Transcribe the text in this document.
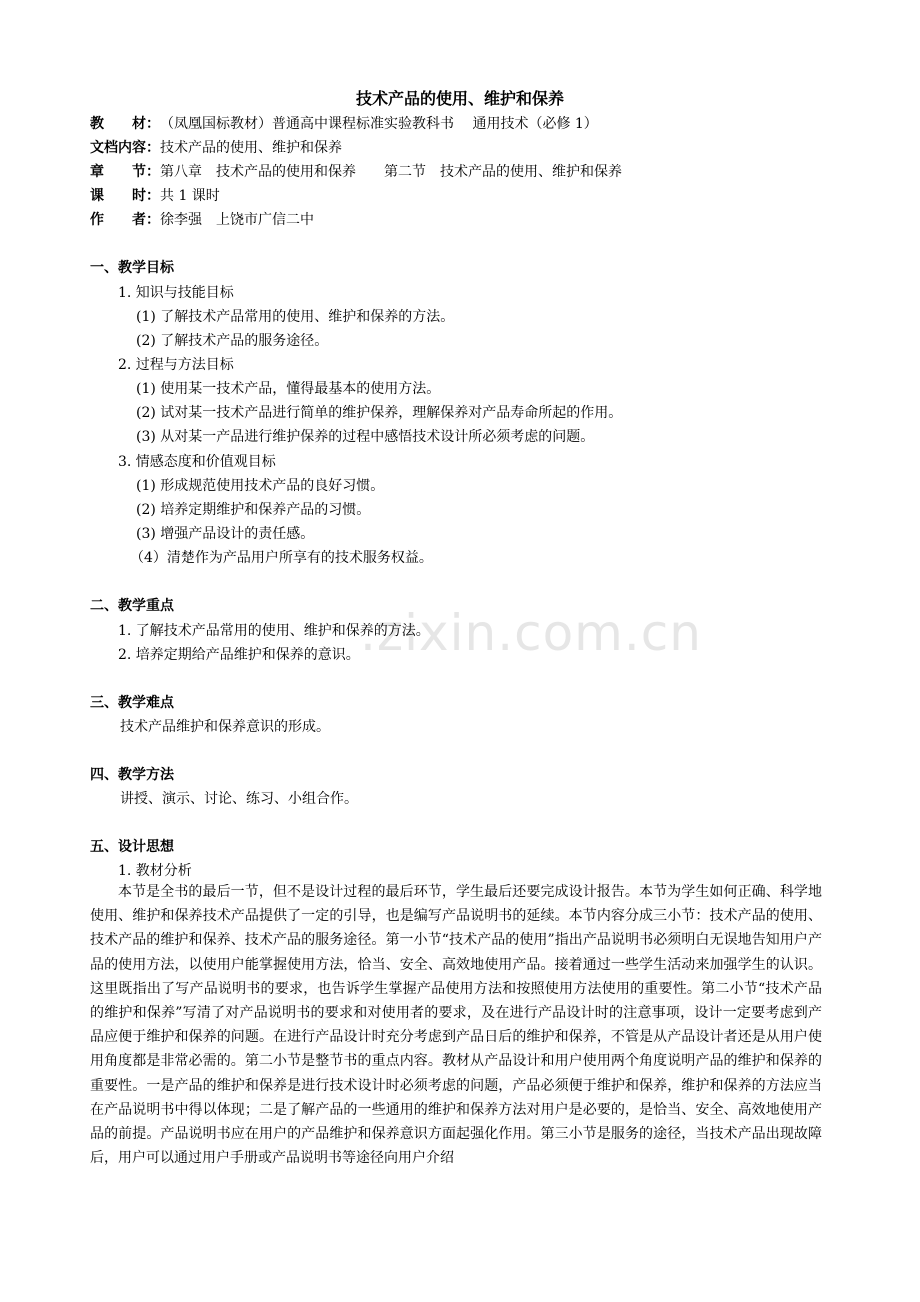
.zixin.com.cn
技术产品的使用、维护和保养
教　　材：（凤凰国标教材）普通高中课程标准实验教科书　 通用技术（必修 1）
文档内容：技术产品的使用、维护和保养
章　　节：第八章　技术产品的使用和保养　　第二节　技术产品的使用、维护和保养
课　　时：共 1 课时
作　　者：徐李强　上饶市广信二中
一、教学目标
1. 知识与技能目标
(1) 了解技术产品常用的使用、维护和保养的方法。
(2) 了解技术产品的服务途径。
2. 过程与方法目标
(1) 使用某一技术产品，懂得最基本的使用方法。
(2) 试对某一技术产品进行简单的维护保养，理解保养对产品寿命所起的作用。
(3) 从对某一产品进行维护保养的过程中感悟技术设计所必须考虑的问题。
3. 情感态度和价值观目标
(1) 形成规范使用技术产品的良好习惯。
(2) 培养定期维护和保养产品的习惯。
(3) 增强产品设计的责任感。
（4）清楚作为产品用户所享有的技术服务权益。
二、教学重点
1. 了解技术产品常用的使用、维护和保养的方法。
2. 培养定期给产品维护和保养的意识。
三、教学难点
技术产品维护和保养意识的形成。
四、教学方法
讲授、演示、讨论、练习、小组合作。
五、设计思想
1. 教材分析

本节是全书的最后一节，但不是设计过程的最后环节，学生最后还要完成设计报告。本节为学生如何正确、科学地使用、维护和保养技术产品提供了一定的引导，也是编写产品说明书的延续。本节内容分成三小节：技术产品的使用、技术产品的维护和保养、技术产品的服务途径。第一小节“技术产品的使用”指出产品说明书必须明白无误地告知用户产品的使用方法，以使用户能掌握使用方法，恰当、安全、高效地使用产品。接着通过一些学生活动来加强学生的认识。这里既指出了写产品说明书的要求，也告诉学生掌握产品使用方法和按照使用方法使用的重要性。第二小节“技术产品的维护和保养”写清了对产品说明书的要求和对使用者的要求，及在进行产品设计时的注意事项，设计一定要考虑到产品应便于维护和保养的问题。在进行产品设计时充分考虑到产品日后的维护和保养，不管是从产品设计者还是从用户使用角度都是非常必需的。第二小节是整节书的重点内容。教材从产品设计和用户使用两个角度说明产品的维护和保养的重要性。一是产品的维护和保养是进行技术设计时必须考虑的问题，产品必须便于维护和保养，维护和保养的方法应当在产品说明书中得以体现；二是了解产品的一些通用的维护和保养方法对用户是必要的，是恰当、安全、高效地使用产品的前提。产品说明书应在用户的产品维护和保养意识方面起强化作用。第三小节是服务的途径，当技术产品出现故障后，用户可以通过用户手册或产品说明书等途径向用户介绍
